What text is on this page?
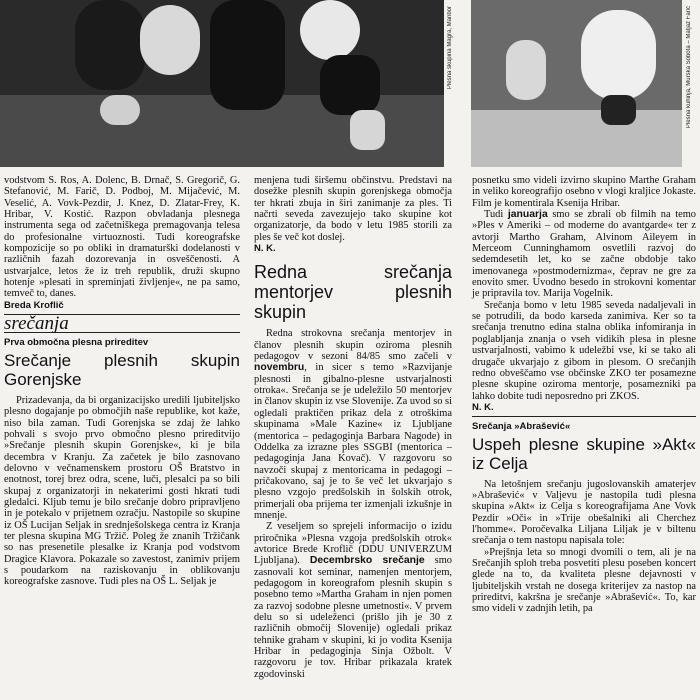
Plesna skupina Magra, Maribor	Plesna kuhinja, Murska Sobota – Matjaž Farič

vodstvom S. Ros, A. Dolenc, B. Drnač, S. Gregorič, G. Stefanović, M. Farič, D. Podboj, M. Mijačević, M. Veselić, A. Vovk-Pezdir, J. Knez, D. Zlatar-Frey, K. Hribar, V. Kostić. Razpon obvladanja plesnega instrumenta sega od začetniškega premagovanja telesa do profesionalne virtuoznosti. Tudi koreografske kompozicije so po obliki in dramaturški dodelanosti v različnih fazah dozorevanja in osveščenosti. A ustvarjalce, letos že iz treh republik, druži skupno hotenje »plesati in spreminjati življenje«, ne pa samo, temveč to, danes.

Breda Kroflič

srečanja
Prva območna plesna prireditev
Srečanje plesnih skupin Gorenjske

Prizadevanja, da bi organizacijsko uredili ljubiteljsko plesno dogajanje po območjih naše republike, kot kaže, niso bila zaman. Tudi Gorenjska se zdaj že lahko pohvali s svojo prvo območno plesno prireditvijo »Srečanje plesnih skupin Gorenjske«, ki je bila decembra v Kranju. Za začetek je bilo zasnovano delovno v večnamenskem prostoru OŠ Bratstvo in enotnost, torej brez odra, scene, luči, plesalci pa so bili skupaj z organizatorji in nekaterimi gosti hkrati tudi gledalci. Kljub temu je bilo srečanje dobro pripravljeno in je potekalo v prijetnem ozračju. Nastopile so skupine iz OŠ Lucijan Seljak in srednješolskega centra iz Kranja ter plesna skupina MG Tržič. Poleg že znanih Tržičank so nas presenetile plesalke iz Kranja pod vodstvom Dragice Klavora. Pokazale so zavestost, zanimiv prijem s poudarkom na raziskovanju in oblikovanju koreografske zasnove. Tudi ples na OŠ L. Seljak je

menjena tudi širšemu občinstvu. Predstavi na dosežke plesnih skupin gorenjskega območja ter hkrati zbuja in širi zanimanje za ples. Ti načrti seveda zavezujejo tako skupine kot organizatorje, da bodo v letu 1985 storili za ples še več kot doslej.

N. K.

Redna srečanja mentorjev plesnih skupin

Redna strokovna srečanja mentorjev in članov plesnih skupin oziroma plesnih pedagogov v sezoni 84/85 smo začeli v novembru, in sicer s temo »Razvijanje plesnosti in gibalno-plesne ustvarjalnosti otroka«. Srečanja se je udeležilo 50 mentorjev in članov skupin iz vse Slovenije. Za uvod so si ogledali praktičen prikaz dela z otroškima skupinama »Male Kazine« iz Ljubljane (mentorica – pedagoginja Barbara Nagode) in Oddelka za izrazne ples SSGBI (mentorica – pedagoginja Jana Kovač). V razgovoru so navzoči skupaj z mentoricama in pedagogi – pričakovano, saj je to še več let ukvarjajo s plesno vzgojo predšolskih in šolskih otrok, primerjali oba prijema ter izmenjali izkušnje in mnenje.

Z veseljem so sprejeli informacijo o izidu priročnika »Plesna vzgoja predšolskih otrok« avtorice Brede Kroflič (DDU UNIVERZUM Ljubljana). Decembrsko srečanje smo zasnovali kot seminar, namenjen mentorjem, pedagogom in koreografom plesnih skupin s posebno temo »Martha Graham in njen pomen za razvoj sodobne plesne umetnosti«. V prvem delu so si udeleženci (prišlo jih je 30 z različnih območij Slovenije) ogledali prikaz tehnike graham v skupini, ki jo vodita Ksenija Hribar in pedagoginja Sinja Ožbolt. V razgovoru je tov. Hribar prikazala kratek zgodovinski

posnetku smo videli izvirno skupino Marthe Graham in veliko koreografijo osebno v vlogi kraljice Jokaste. Film je komentirala Ksenija Hribar.

Tudi januarja smo se zbrali ob filmih na temo »Ples v Ameriki – od moderne do avantgarde« ter z avtorji Martho Graham, Alvinom Aileyem in Merceom Cunninghamom osvetlili razvoj do sedemdesetih let, ko se začne obdobje tako imenovanega »postmodernizma«, čeprav ne gre za enovito smer. Uvodno besedo in strokovni komentar je pripravila tov. Marija Vogelnik.

Srečanja bomo v letu 1985 seveda nadaljevali in se potrudili, da bodo karseda zanimiva. Ker so ta srečanja trenutno edina stalna oblika infomiranja in poglabljanja znanja o vseh vidikih plesa in plesne ustvarjalnosti, vabimo k udeležbi vse, ki se tako ali drugače ukvarjajo z gibom in plesom. O srečanjih redno obveščamo vse občinske ZKO ter posamezne plesne skupine oziroma mentorje, posamezniki pa lahko dobite tudi neposredno pri ZKOS.

N. K.

Srečanja »Abrašević«
Uspeh plesne skupine »Akt« iz Celja

Na letošnjem srečanju jugoslovanskih amaterjev »Abrašević« v Valjevu je nastopila tudi plesna skupina »Akt« iz Celja s koreografijama Ane Vovk Pezdir »Oči« in »Trije obešalniki ali Cherchez l'homme«. Poročevalka Liljana Liljak je v biltenu srečanja o tem nastopu napisala tole:

»Prejšnja leta so mnogi dvomili o tem, ali je na Srečanjih sploh treba posvetiti plesu poseben koncert glede na to, da kvaliteta plesne dejavnosti v ljubiteljskih vrstah ne dosega kriterijev za nastop na prireditvi, kakršna je srečanje »Abrašević«. To, kar smo videli v zadnjih letih, pa
